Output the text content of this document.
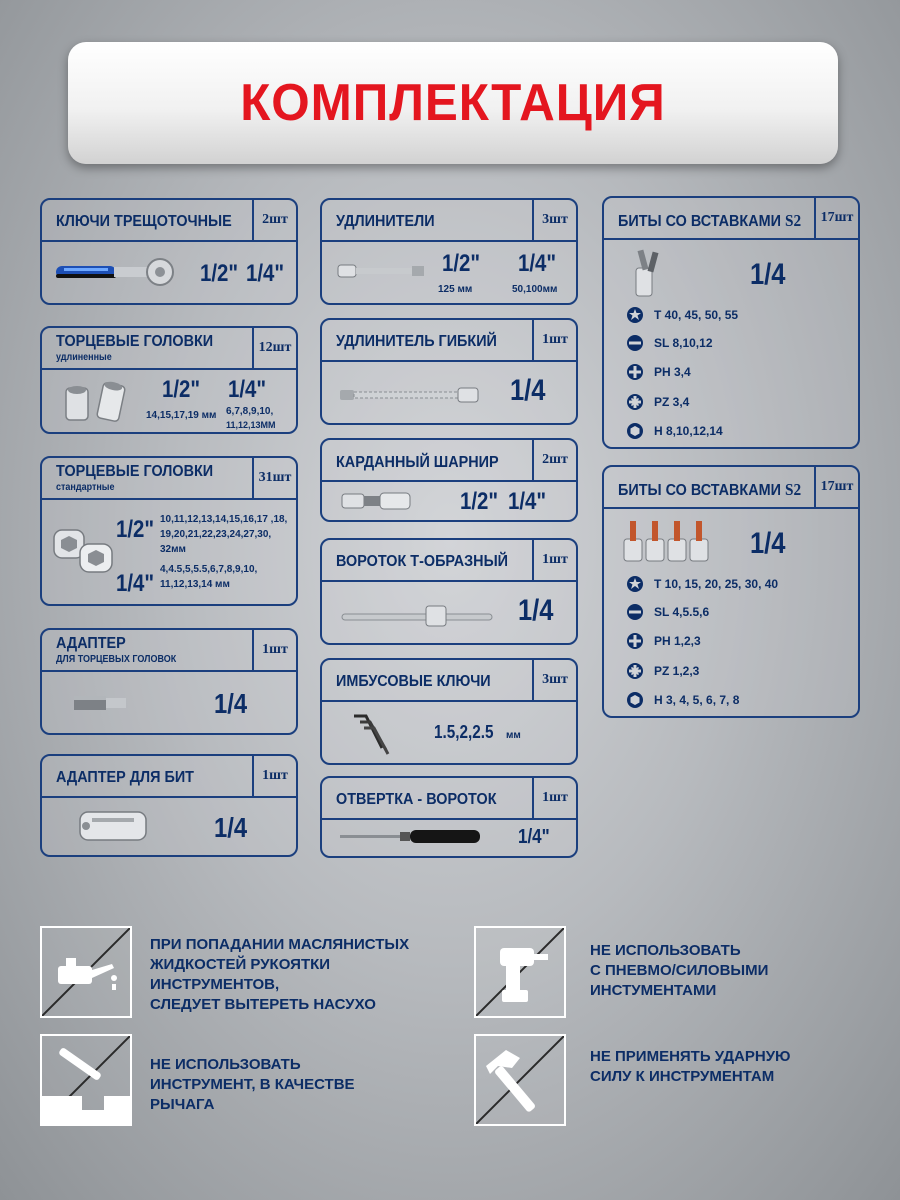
КОМПЛЕКТАЦИЯ
КЛЮЧИ ТРЕЩОТОЧНЫЕ	2шт
1/2" 1/4"
ТОРЦЕВЫЕ ГОЛОВКИ
удлиненные
12шт
1/2"
14,15,17,19 мм
1/4"
6,7,8,9,10,
11,12,13ММ
ТОРЦЕВЫЕ ГОЛОВКИ
стандартные
31шт
1/2" 10,11,12,13,14,15,16,17 ,18,
19,20,21,22,23,24,27,30,
32мм
1/4"
4,4.5,5,5.5,6,7,8,9,10,
11,12,13,14 мм
АДАПТЕР
ДЛЯ ТОРЦЕВЫХ ГОЛОВОК
1шт
1/4
АДАПТЕР ДЛЯ БИТ	1шт
1/4
УДЛИНИТЕЛИ	3шт
1/2"
125 мм
1/4"
50,100мм
УДЛИНИТЕЛЬ ГИБКИЙ	1шт
1/4
КАРДАННЫЙ ШАРНИР	2шт
1/2" 1/4"
ВОРОТОК Т-ОБРАЗНЫЙ	1шт
1/4
ИМБУСОВЫЕ КЛЮЧИ	3шт
1.5,2,2.5 мм
ОТВЕРТКА - ВОРОТОК	1шт
1/4"
БИТЫ СО ВСТАВКАМИ S2	17шт
1/4
T 40, 45, 50, 55
SL 8,10,12
PH 3,4
PZ 3,4
H 8,10,12,14
БИТЫ СО ВСТАВКАМИ S2	17шт
1/4
T 10, 15, 20, 25, 30, 40
SL 4,5.5,6
PH 1,2,3
PZ 1,2,3
H 3, 4, 5, 6, 7, 8
ПРИ ПОПАДАНИИ МАСЛЯНИСТЫХ
ЖИДКОСТЕЙ РУКОЯТКИ
ИНСТРУМЕНТОВ,
СЛЕДУЕТ ВЫТЕРЕТЬ НАСУХО
НЕ ИСПОЛЬЗОВАТЬ
С ПНЕВМО/СИЛОВЫМИ
ИНСТУМЕНТАМИ
НЕ ИСПОЛЬЗОВАТЬ
ИНСТРУМЕНТ, В КАЧЕСТВЕ
РЫЧАГА
НЕ ПРИМЕНЯТЬ УДАРНУЮ
СИЛУ К ИНСТРУМЕНТАМ
